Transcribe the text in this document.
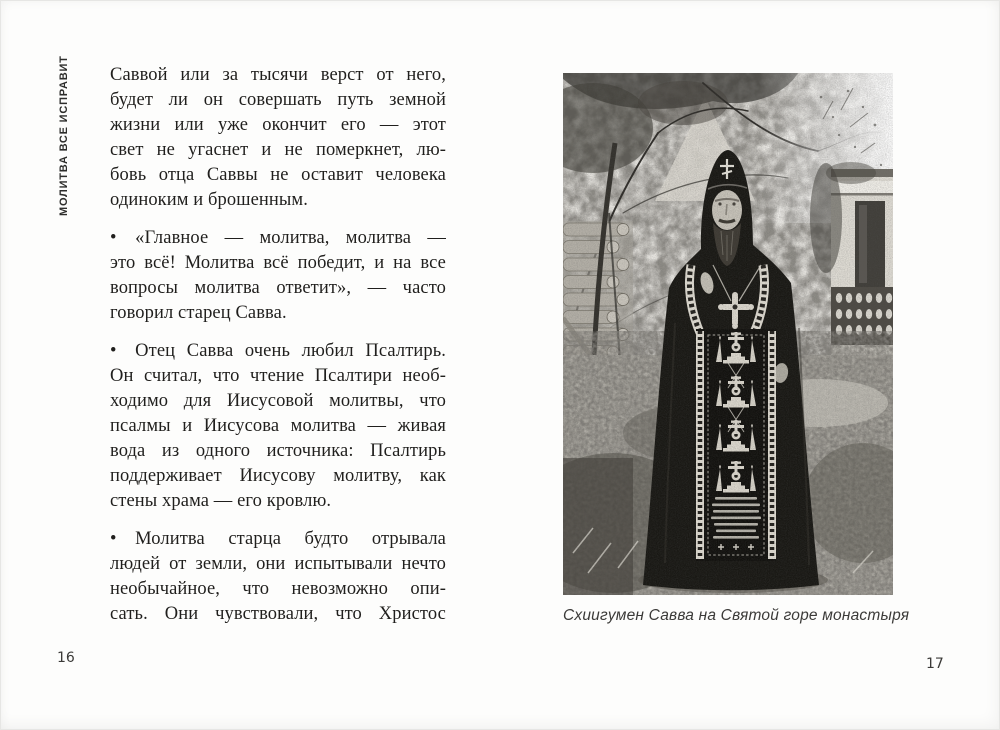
МОЛИТВА ВСЕ ИСПРАВИТ Саввой или за тысячи верст от него,
будет ли он совершать путь земной
жизни или уже окончит его — этот
свет не угаснет и не померкнет, лю-
бовь отца Саввы не оставит человека
одиноким и брошенным.

• «Главное — молитва, молитва —
это всё! Молитва всё победит, и на все
вопросы молитва ответит», — часто
говорил старец Савва.

• Отец Савва очень любил Псалтирь.
Он считал, что чтение Псалтири необ-
ходимо для Иисусовой молитвы, что
псалмы и Иисусова молитва — живая
вода из одного источника: Псалтирь
поддерживает Иисусову молитву, как
стены храма — его кровлю.

• Молитва старца будто отрывала
людей от земли, они испытывали нечто
необычайное, что невозможно опи-
сать. Они чувствовали, что Христос

16
Схиигумен Савва на Святой горе монастыря
17
